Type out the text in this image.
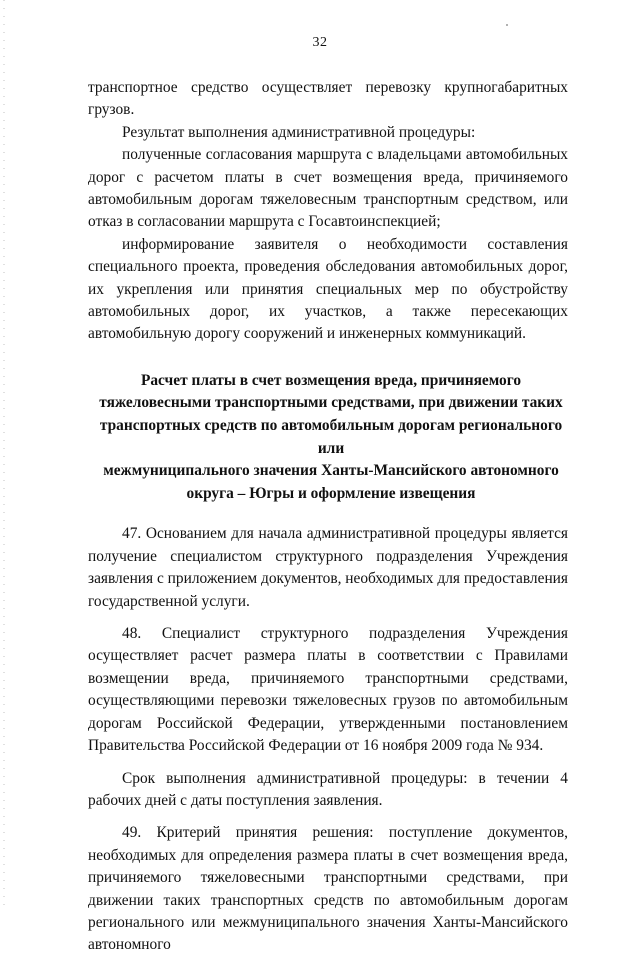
32

транспортное средство осуществляет перевозку крупногабаритных грузов.

Результат выполнения административной процедуры:

полученные согласования маршрута с владельцами автомобильных дорог с расчетом платы в счет возмещения вреда, причиняемого автомобильным дорогам тяжеловесным транспортным средством, или отказ в согласовании маршрута с Госавтоинспекцией;

информирование заявителя о необходимости составления специального проекта, проведения обследования автомобильных дорог, их укрепления или принятия специальных мер по обустройству автомобильных дорог, их участков, а также пересекающих автомобильную дорогу сооружений и инженерных коммуникаций.

Расчет платы в счет возмещения вреда, причиняемого
тяжеловесными транспортными средствами, при движении таких
транспортных средств по автомобильным дорогам регионального или
межмуниципального значения Ханты-Мансийского автономного
округа – Югры и оформление извещения

47. Основанием для начала административной процедуры является получение специалистом структурного подразделения Учреждения заявления с приложением документов, необходимых для предоставления государственной услуги.

48. Специалист структурного подразделения Учреждения осуществляет расчет размера платы в соответствии с Правилами возмещении вреда, причиняемого транспортными средствами, осуществляющими перевозки тяжеловесных грузов по автомобильным дорогам Российской Федерации, утвержденными постановлением Правительства Российской Федерации от 16 ноября 2009 года № 934.

Срок выполнения административной процедуры: в течении 4 рабочих дней с даты поступления заявления.

49. Критерий принятия решения: поступление документов, необходимых для определения размера платы в счет возмещения вреда, причиняемого тяжеловесными транспортными средствами, при движении таких транспортных средств по автомобильным дорогам регионального или межмуниципального значения Ханты-Мансийского автономного
